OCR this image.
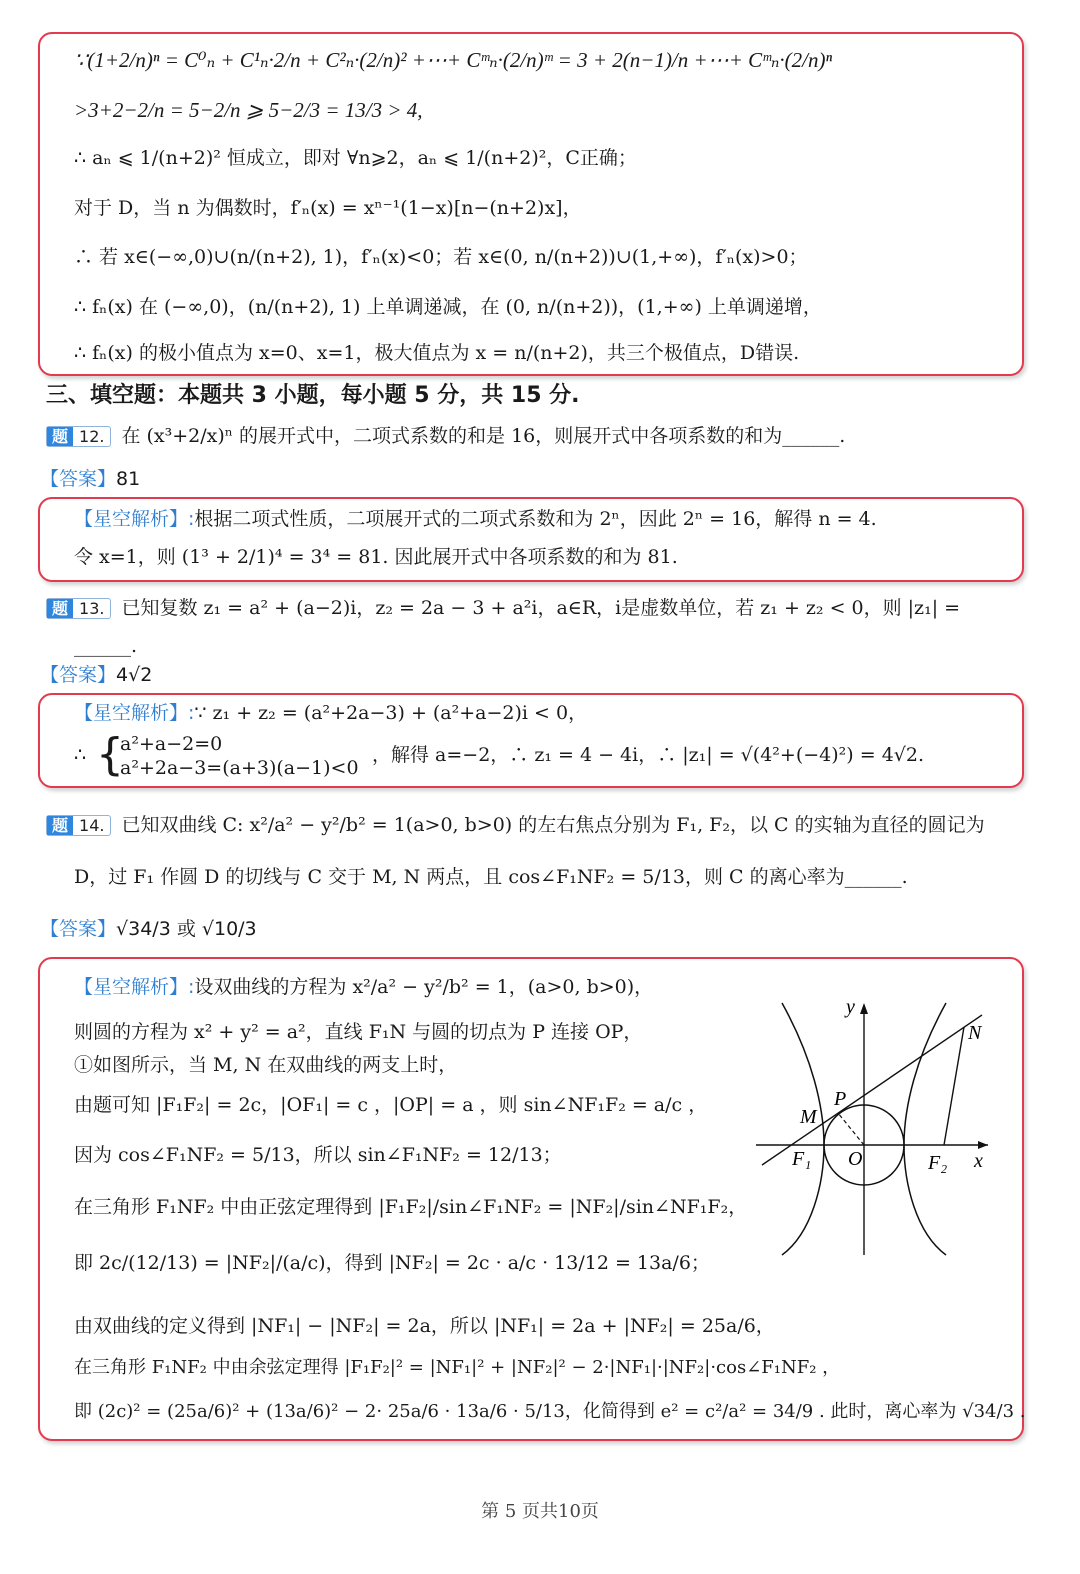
∵(1+2/n)ⁿ = C⁰ₙ + C¹ₙ·2/n + C²ₙ·(2/n)² +⋯+ Cᵐₙ·(2/n)ᵐ = 3 + 2(n−1)/n +⋯+ Cᵐₙ·(2/n)ⁿ
>3+2−2/n = 5−2/n ⩾ 5−2/3 = 13/3 > 4,
∴ aₙ ⩽ 1/(n+2)² 恒成立，即对 ∀n⩾2，aₙ ⩽ 1/(n+2)²，C正确；
对于 D，当 n 为偶数时，f′ₙ(x) = xⁿ⁻¹(1−x)[n−(n+2)x]，
∴ 若 x∈(−∞,0)∪(n/(n+2), 1)，f′ₙ(x)<0；若 x∈(0, n/(n+2))∪(1,+∞)，f′ₙ(x)>0；
∴ fₙ(x) 在 (−∞,0)，(n/(n+2), 1) 上单调递减，在 (0, n/(n+2))，(1,+∞) 上单调递增，
∴ fₙ(x) 的极小值点为 x=0、x=1，极大值点为 x = n/(n+2)，共三个极值点，D错误.
三、填空题：本题共 3 小题，每小题 5 分，共 15 分.
题 12. 在 (x³+2/x)ⁿ 的展开式中，二项式系数的和是 16，则展开式中各项系数的和为______.
【答案】81
【星空解析】:根据二项式性质，二项展开式的二项式系数和为 2ⁿ，因此 2ⁿ = 16，解得 n = 4.
令 x=1，则 (1³ + 2/1)⁴ = 3⁴ = 81. 因此展开式中各项系数的和为 81.
题 13. 已知复数 z₁ = a² + (a−2)i，z₂ = 2a − 3 + a²i，a∈R，i是虚数单位，若 z₁ + z₂ < 0，则 |z₁| =
______.
【答案】4√2
【星空解析】:∵ z₁ + z₂ = (a²+2a−3) + (a²+a−2)i < 0，
∴ {
a²+a−2=0
a²+2a−3=(a+3)(a−1)<0
，解得 a=−2，∴ z₁ = 4 − 4i，∴ |z₁| = √(4²+(−4)²) = 4√2.
题 14. 已知双曲线 C: x²/a² − y²/b² = 1(a>0, b>0) 的左右焦点分别为 F₁, F₂，以 C 的实轴为直径的圆记为
D，过 F₁ 作圆 D 的切线与 C 交于 M, N 两点，且 cos∠F₁NF₂ = 5/13，则 C 的离心率为______.
【答案】√34/3 或 √10/3
【星空解析】:设双曲线的方程为 x²/a² − y²/b² = 1，(a>0, b>0)，
则圆的方程为 x² + y² = a²，直线 F₁N 与圆的切点为 P 连接 OP，
①如图所示，当 M, N 在双曲线的两支上时，
由题可知 |F₁F₂| = 2c，|OF₁| = c ，|OP| = a ，则 sin∠NF₁F₂ = a/c ，
因为 cos∠F₁NF₂ = 5/13，所以 sin∠F₁NF₂ = 12/13；
在三角形 F₁NF₂ 中由正弦定理得到 |F₁F₂|/sin∠F₁NF₂ = |NF₂|/sin∠NF₁F₂，
即 2c/(12/13) = |NF₂|/(a/c)，得到 |NF₂| = 2c · a/c · 13/12 = 13a/6；
由双曲线的定义得到 |NF₁| − |NF₂| = 2a，所以 |NF₁| = 2a + |NF₂| = 25a/6，
在三角形 F₁NF₂ 中由余弦定理得 |F₁F₂|² = |NF₁|² + |NF₂|² − 2·|NF₁|·|NF₂|·cos∠F₁NF₂ ，
即 (2c)² = (25a/6)² + (13a/6)² − 2· 25a/6 · 13a/6 · 5/13，化简得到 e² = c²/a² = 34/9 . 此时，离心率为 √34/3 .
y
x
N
P
M
F₁ O	F₂
第 5 页共10页
